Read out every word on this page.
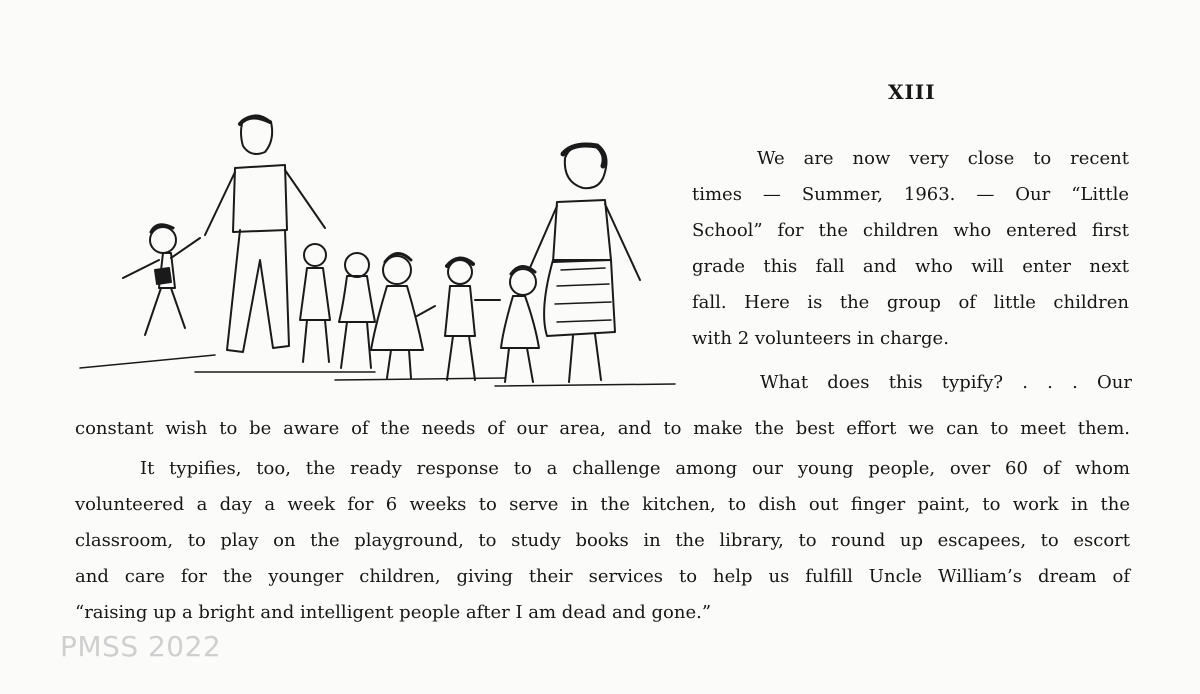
XIII
We are now very close to recent
times — Summer, 1963. — Our “Little
School” for the children who entered first
grade this fall and who will enter next
fall. Here is the group of little children
with 2 volunteers in charge.
What does this typify? . . . Our
constant wish to be aware of the needs of our area, and to make the best effort we can to meet them.
It typifies, too, the ready response to a challenge among our young people, over 60 of whom
volunteered a day a week for 6 weeks to serve in the kitchen, to dish out finger paint, to work in the
classroom, to play on the playground, to study books in the library, to round up escapees, to escort
and care for the younger children, giving their services to help us fulfill Uncle William’s dream of
“raising up a bright and intelligent people after I am dead and gone.”
PMSS 2022
